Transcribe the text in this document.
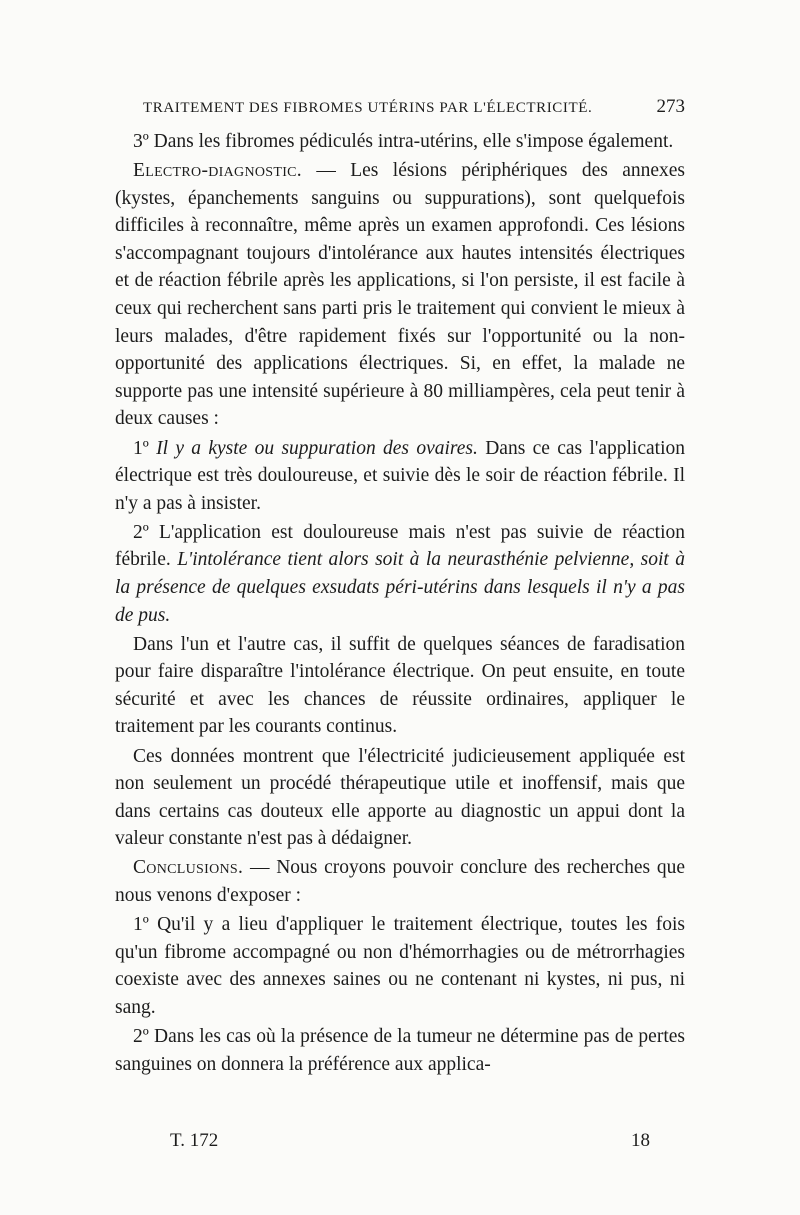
TRAITEMENT DES FIBROMES UTÉRINS PAR L'ÉLECTRICITÉ.	273

3º Dans les fibromes pédiculés intra-utérins, elle s'impose également.

Electro-diagnostic. — Les lésions périphériques des annexes (kystes, épanchements sanguins ou suppurations), sont quelquefois difficiles à reconnaître, même après un examen approfondi. Ces lésions s'accompagnant toujours d'intolérance aux hautes intensités électriques et de réaction fébrile après les applications, si l'on persiste, il est facile à ceux qui recherchent sans parti pris le traitement qui convient le mieux à leurs malades, d'être rapidement fixés sur l'opportunité ou la non-opportunité des applications électriques. Si, en effet, la malade ne supporte pas une intensité supérieure à 80 milliampères, cela peut tenir à deux causes :

1º Il y a kyste ou suppuration des ovaires. Dans ce cas l'application électrique est très douloureuse, et suivie dès le soir de réaction fébrile. Il n'y a pas à insister.

2º L'application est douloureuse mais n'est pas suivie de réaction fébrile. L'intolérance tient alors soit à la neurasthénie pelvienne, soit à la présence de quelques exsudats péri-utérins dans lesquels il n'y a pas de pus.

Dans l'un et l'autre cas, il suffit de quelques séances de faradisation pour faire disparaître l'intolérance électrique. On peut ensuite, en toute sécurité et avec les chances de réussite ordinaires, appliquer le traitement par les courants continus.

Ces données montrent que l'électricité judicieusement appliquée est non seulement un procédé thérapeutique utile et inoffensif, mais que dans certains cas douteux elle apporte au diagnostic un appui dont la valeur constante n'est pas à dédaigner.

Conclusions. — Nous croyons pouvoir conclure des recherches que nous venons d'exposer :

1º Qu'il y a lieu d'appliquer le traitement électrique, toutes les fois qu'un fibrome accompagné ou non d'hémorrhagies ou de métrorrhagies coexiste avec des annexes saines ou ne contenant ni kystes, ni pus, ni sang.

2º Dans les cas où la présence de la tumeur ne détermine pas de pertes sanguines on donnera la préférence aux applica-

T. 172	18
